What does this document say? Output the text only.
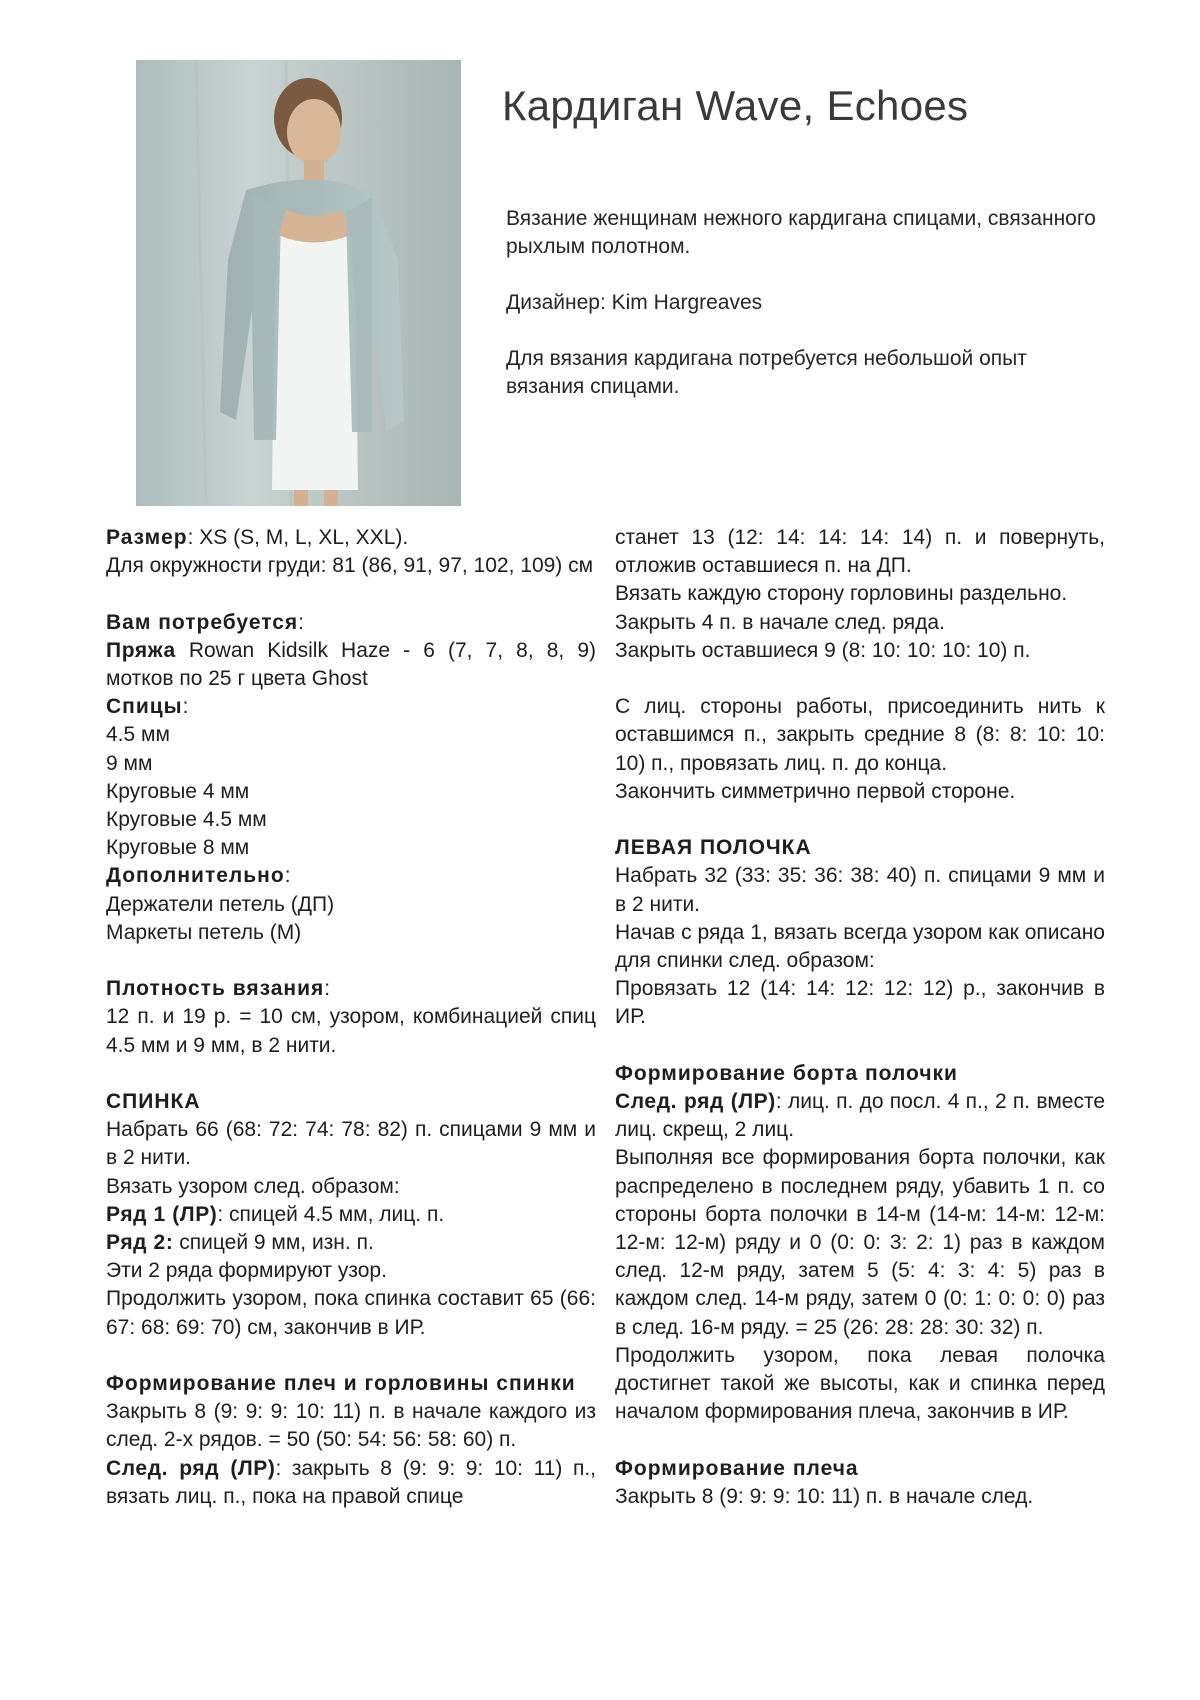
Кардиган Wave, Echoes

Вязание женщинам нежного кардигана спицами, связанного рыхлым полотном.

Дизайнер: Kim Hargreaves

Для вязания кардигана потребуется небольшой опыт вязания спицами.

Размер: XS (S, M, L, XL, XXL).

Для окружности груди: 81 (86, 91, 97, 102, 109) см

Вам потребуется:

Пряжа Rowan Kidsilk Haze - 6 (7, 7, 8, 8, 9) мотков по 25 г цвета Ghost

Спицы:

4.5 мм

9 мм

Круговые 4 мм

Круговые 4.5 мм

Круговые 8 мм

Дополнительно:

Держатели петель (ДП)

Маркеты петель (М)

Плотность вязания:

12 п. и 19 р. = 10 см, узором, комбинацией спиц 4.5 мм и 9 мм, в 2 нити.

СПИНКА

Набрать 66 (68: 72: 74: 78: 82) п. спицами 9 мм и в 2 нити.

Вязать узором след. образом:

Ряд 1 (ЛР): спицей 4.5 мм, лиц. п.

Ряд 2: спицей 9 мм, изн. п.

Эти 2 ряда формируют узор.

Продолжить узором, пока спинка составит 65 (66: 67: 68: 69: 70) см, закончив в ИР.

Формирование плеч и горловины спинки

Закрыть 8 (9: 9: 9: 10: 11) п. в начале каждого из след. 2-х рядов. = 50 (50: 54: 56: 58: 60) п.

След. ряд (ЛР): закрыть 8 (9: 9: 9: 10: 11) п., вязать лиц. п., пока на правой спице

станет 13 (12: 14: 14: 14: 14) п. и повернуть, отложив оставшиеся п. на ДП.

Вязать каждую сторону горловины раздельно.

Закрыть 4 п. в начале след. ряда.

Закрыть оставшиеся 9 (8: 10: 10: 10: 10) п.

С лиц. стороны работы, присоединить нить к оставшимся п., закрыть средние 8 (8: 8: 10: 10: 10) п., провязать лиц. п. до конца.

Закончить симметрично первой стороне.

ЛЕВАЯ ПОЛОЧКА

Набрать 32 (33: 35: 36: 38: 40) п. спицами 9 мм и в 2 нити.

Начав с ряда 1, вязать всегда узором как описано для спинки след. образом:

Провязать 12 (14: 14: 12: 12: 12) р., закончив в ИР.

Формирование борта полочки

След. ряд (ЛР): лиц. п. до посл. 4 п., 2 п. вместе лиц. скрещ, 2 лиц.

Выполняя все формирования борта полочки, как распределено в последнем ряду, убавить 1 п. со стороны борта полочки в 14-м (14-м: 14-м: 12-м: 12-м: 12-м) ряду и 0 (0: 0: 3: 2: 1) раз в каждом след. 12-м ряду, затем 5 (5: 4: 3: 4: 5) раз в каждом след. 14-м ряду, затем 0 (0: 1: 0: 0: 0) раз в след. 16-м ряду. = 25 (26: 28: 28: 30: 32) п.

Продолжить узором, пока левая полочка достигнет такой же высоты, как и спинка перед началом формирования плеча, закончив в ИР.

Формирование плеча

Закрыть 8 (9: 9: 9: 10: 11) п. в начале след.
